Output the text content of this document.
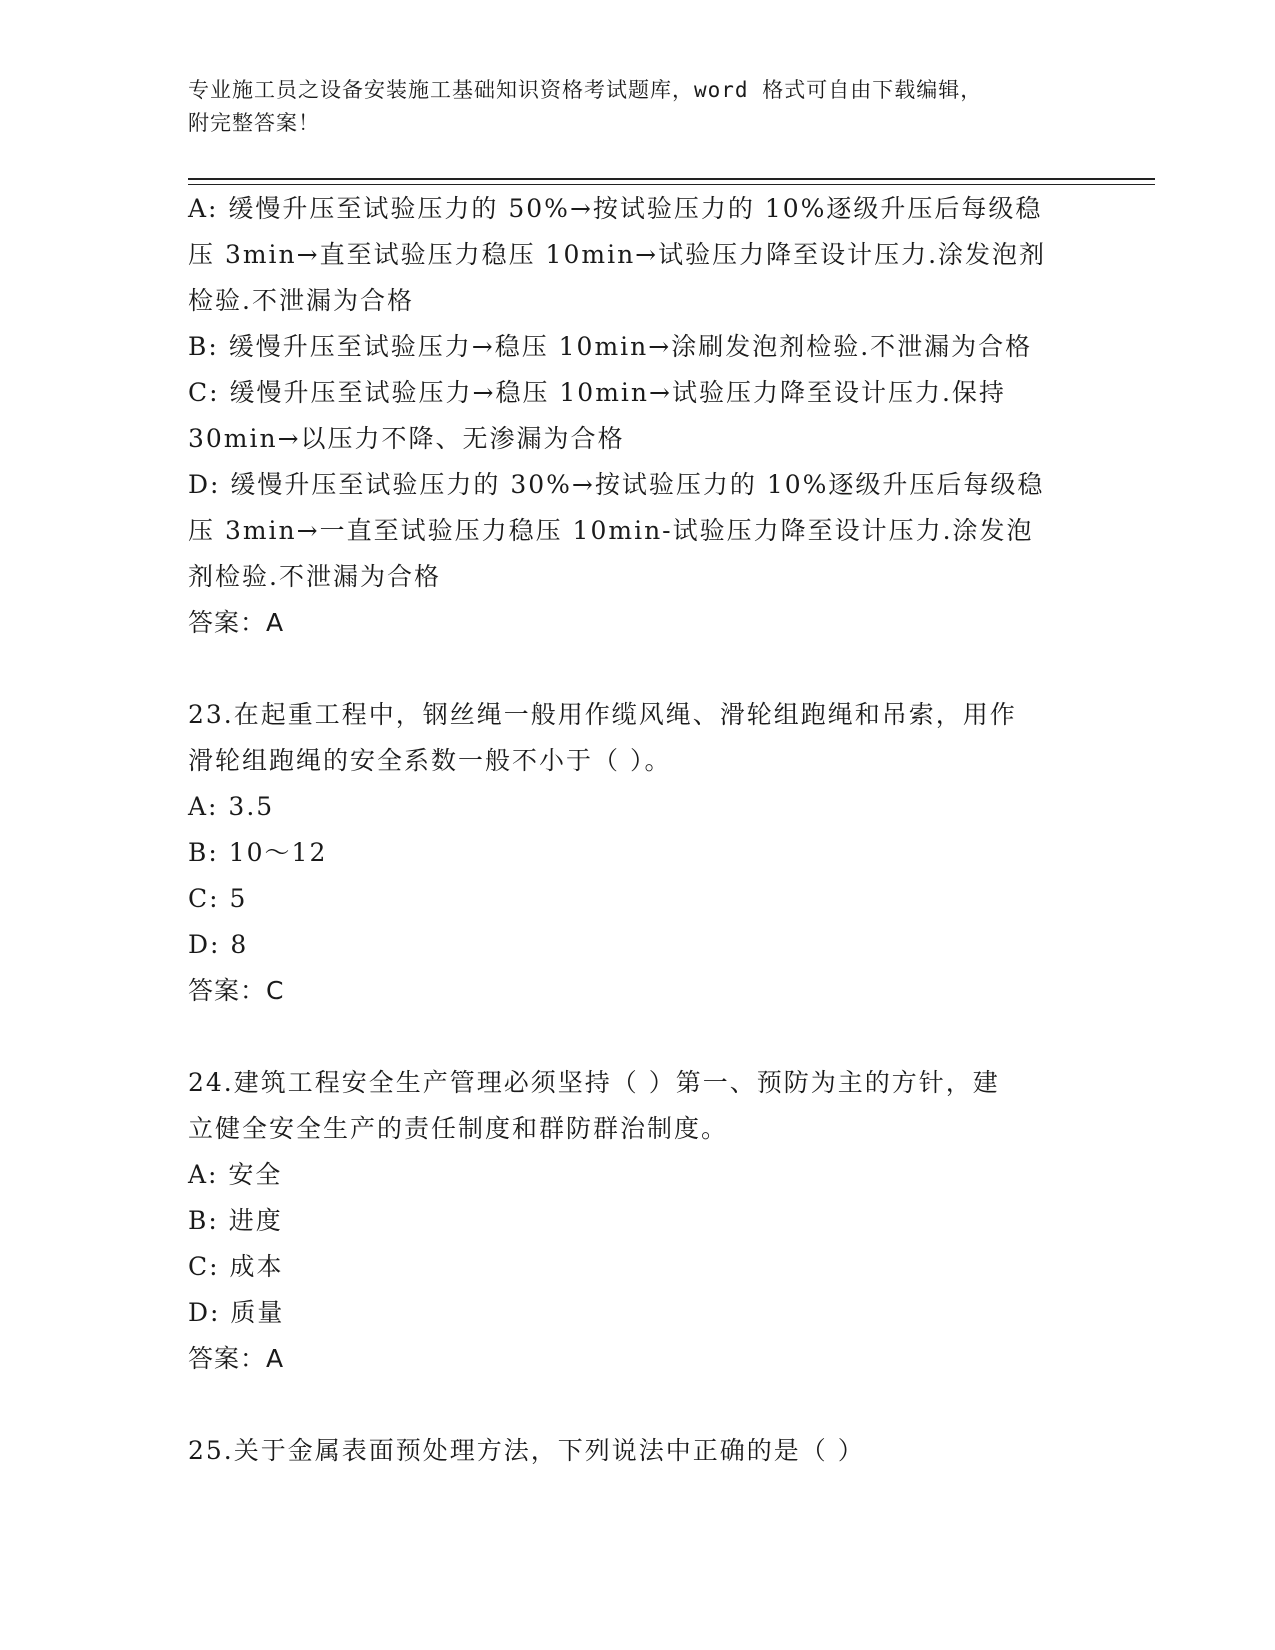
专业施工员之设备安装施工基础知识资格考试题库，word 格式可自由下载编辑，
附完整答案！
A: 缓慢升压至试验压力的 50%→按试验压力的 10%逐级升压后每级稳
压 3min→直至试验压力稳压 10min→试验压力降至设计压力.涂发泡剂
检验.不泄漏为合格
B: 缓慢升压至试验压力→稳压 10min→涂刷发泡剂检验.不泄漏为合格
C: 缓慢升压至试验压力→稳压 10min→试验压力降至设计压力.保持
30min→以压力不降、无渗漏为合格
D: 缓慢升压至试验压力的 30%→按试验压力的 10%逐级升压后每级稳
压 3min→一直至试验压力稳压 10min-试验压力降至设计压力.涂发泡
剂检验.不泄漏为合格
答案：A
23.在起重工程中，钢丝绳一般用作缆风绳、滑轮组跑绳和吊索，用作
滑轮组跑绳的安全系数一般不小于（ ）。
A: 3.5
B: 10～12
C: 5
D: 8
答案：C
24.建筑工程安全生产管理必须坚持（ ）第一、预防为主的方针，建
立健全安全生产的责任制度和群防群治制度。
A: 安全
B: 进度
C: 成本
D: 质量
答案：A
25.关于金属表面预处理方法，下列说法中正确的是（ ）
